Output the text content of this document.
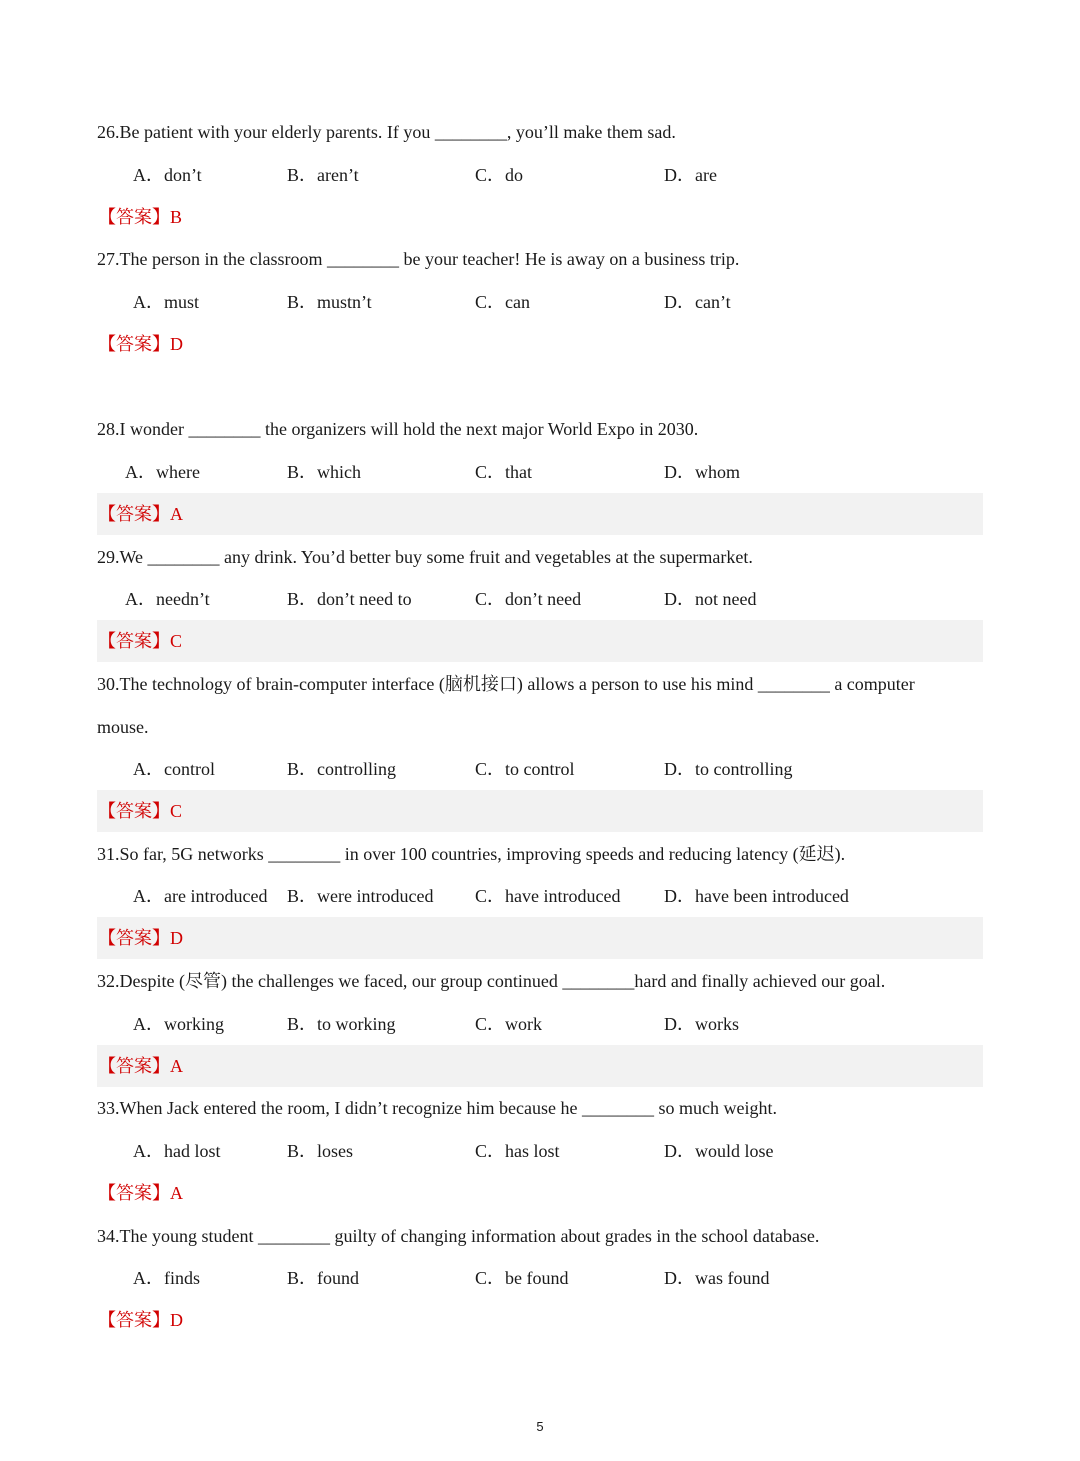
26.Be patient with your elderly parents. If you ________, you’ll make them sad.
A．don’t	B．aren’t	C．do	D．are
【答案】B
27.The person in the classroom ________ be your teacher! He is away on a business trip.
A．must	B．mustn’t	C．can	D．can’t
【答案】D
28.I wonder ________ the organizers will hold the next major World Expo in 2030.
A．where	B．which	C．that	D．whom
【答案】A
29.We ________ any drink. You’d better buy some fruit and vegetables at the supermarket.
A．needn’t	B．don’t need to	C．don’t need	D．not need
【答案】C
30.The technology of brain-computer interface (脑机接口) allows a person to use his mind ________ a computer
mouse.
A．control	B．controlling	C．to control	D．to controlling
【答案】C
31.So far, 5G networks ________ in over 100 countries, improving speeds and reducing latency (延迟).
A．are introduced B．were introduced C．have introduced D．have been introduced
【答案】D
32.Despite (尽管) the challenges we faced, our group continued ________hard and finally achieved our goal.
A．working	B．to working	C．work	D．works
【答案】A
33.When Jack entered the room, I didn’t recognize him because he ________ so much weight.
A．had lost	B．loses	C．has lost	D．would lose
【答案】A
34.The young student ________ guilty of changing information about grades in the school database.
A．finds	B．found	C．be found	D．was found
【答案】D
5
